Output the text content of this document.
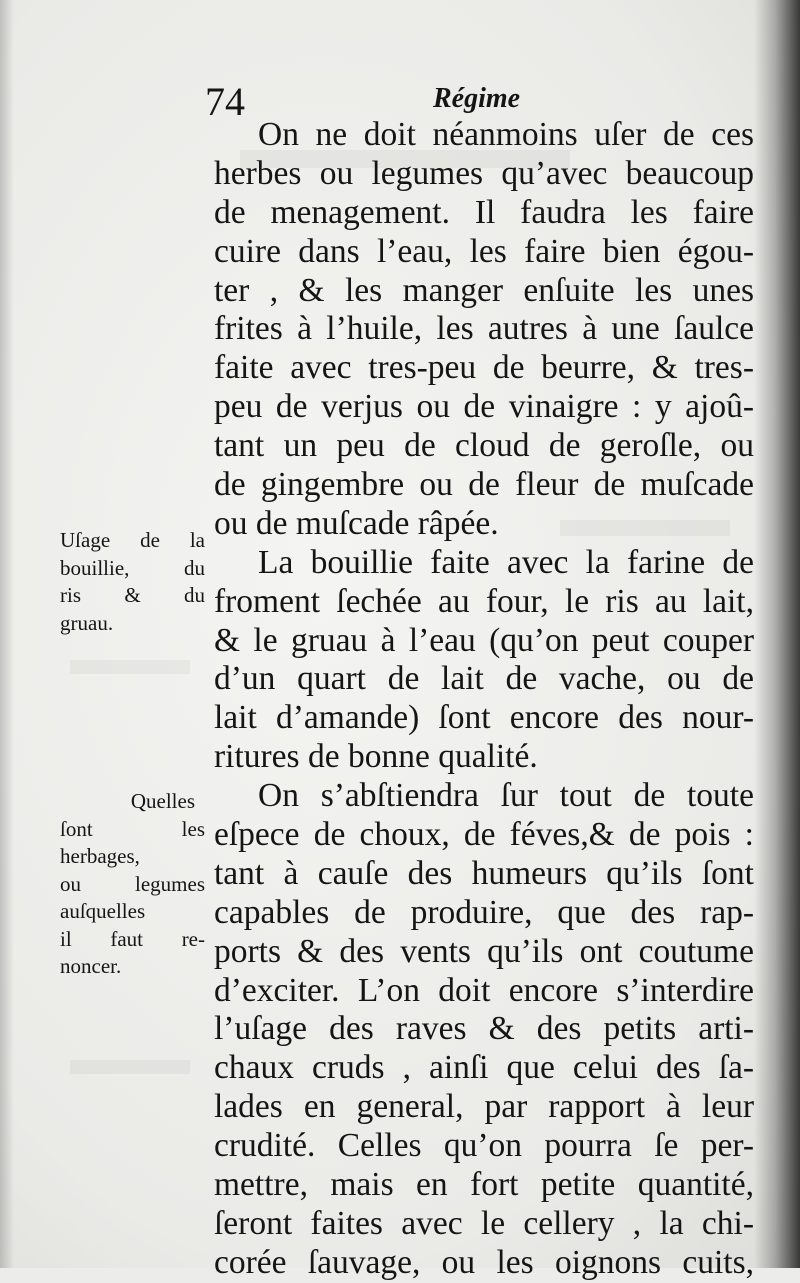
74	Régime
On ne doit néanmoins uſer de ces
herbes ou legumes qu’avec beaucoup
de menagement. Il faudra les faire
cuire dans l’eau, les faire bien égou-
ter , & les manger enſuite les unes
frites à l’huile, les autres à une ſaulce
faite avec tres-peu de beurre, & tres-
peu de verjus ou de vinaigre : y ajoû-
tant un peu de cloud de geroſle, ou
de gingembre ou de fleur de muſcade
ou de muſcade râpée.
La bouillie faite avec la farine de
froment ſechée au four, le ris au lait,
& le gruau à l’eau (qu’on peut couper
d’un quart de lait de vache, ou de
lait d’amande) ſont encore des nour-
ritures de bonne qualité.
On s’abſtiendra ſur tout de toute
eſpece de choux, de féves,& de pois :
tant à cauſe des humeurs qu’ils ſont
capables de produire, que des rap-
ports & des vents qu’ils ont coutume
d’exciter. L’on doit encore s’interdire
l’uſage des raves & des petits arti-
chaux cruds , ainſi que celui des ſa-
lades en general, par rapport à leur
crudité. Celles qu’on pourra ſe per-
mettre, mais en fort petite quantité,
ſeront faites avec le cellery , la chi-
corée ſauvage, ou les oignons cuits,
Uſage de la
bouillie, du
ris & du
gruau.
Quelles
ſont les
herbages,
ou legumes
auſquelles
il faut re-
noncer.
